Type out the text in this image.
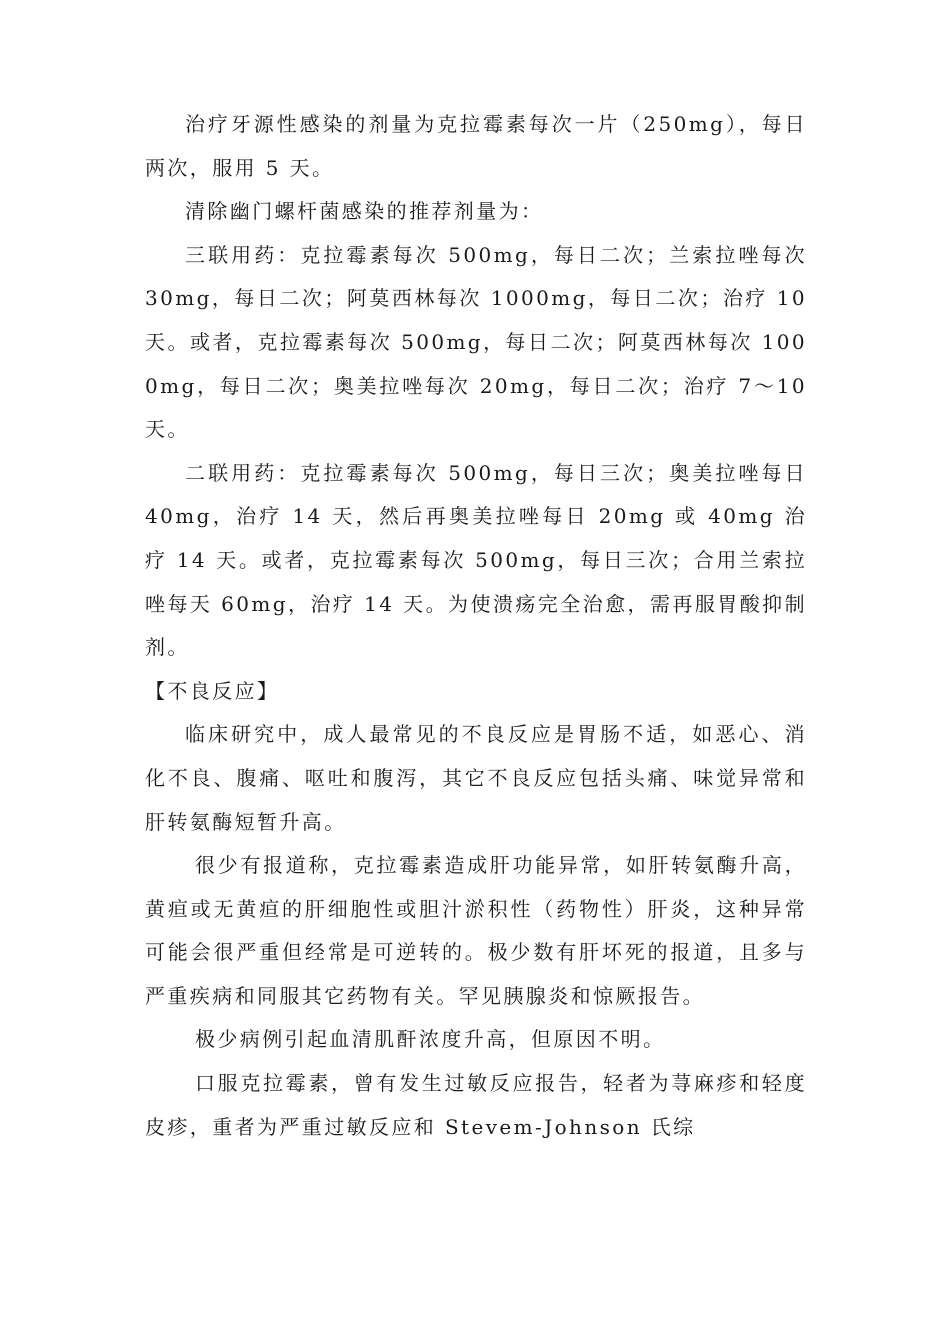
治疗牙源性感染的剂量为克拉霉素每次一片（250mg），每日两次，服用 5 天。

清除幽门螺杆菌感染的推荐剂量为：

三联用药：克拉霉素每次 500mg，每日二次；兰索拉唑每次 30mg，每日二次；阿莫西林每次 1000mg，每日二次；治疗 10 天。或者，克拉霉素每次 500mg，每日二次；阿莫西林每次 1000mg，每日二次；奥美拉唑每次 20mg，每日二次；治疗 7～10 天。

二联用药：克拉霉素每次 500mg，每日三次；奥美拉唑每日 40mg，治疗 14 天，然后再奥美拉唑每日 20mg 或 40mg 治疗 14 天。或者，克拉霉素每次 500mg，每日三次；合用兰索拉唑每天 60mg，治疗 14 天。为使溃疡完全治愈，需再服胃酸抑制剂。

【不良反应】

临床研究中，成人最常见的不良反应是胃肠不适，如恶心、消化不良、腹痛、呕吐和腹泻，其它不良反应包括头痛、味觉异常和肝转氨酶短暂升高。

很少有报道称，克拉霉素造成肝功能异常，如肝转氨酶升高，黄疸或无黄疸的肝细胞性或胆汁淤积性（药物性）肝炎，这种异常可能会很严重但经常是可逆转的。极少数有肝坏死的报道，且多与严重疾病和同服其它药物有关。罕见胰腺炎和惊厥报告。

极少病例引起血清肌酐浓度升高，但原因不明。

口服克拉霉素，曾有发生过敏反应报告，轻者为荨麻疹和轻度皮疹，重者为严重过敏反应和 Stevem-Johnson 氏综
